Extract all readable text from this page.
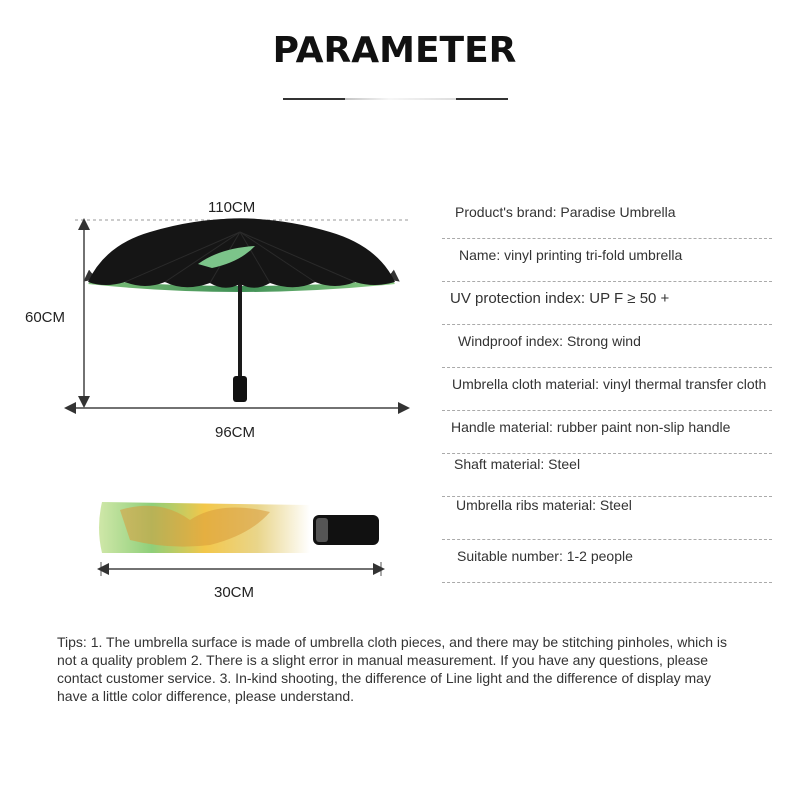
PARAMETER
110CM
60CM
96CM
30CM
Product's brand: Paradise Umbrella
Name: vinyl printing tri-fold umbrella
UV protection index: UP F ≥ 50 +
Windproof index: Strong wind
Umbrella cloth material: vinyl thermal transfer cloth
Handle material: rubber paint non-slip handle
Shaft material: Steel
Umbrella ribs material: Steel
Suitable number: 1-2 people
Tips: 1. The umbrella surface is made of umbrella cloth pieces, and there may be stitching pinholes, which is not a quality problem 2. There is a slight error in manual measurement. If you have any questions, please contact customer service. 3. In-kind shooting, the difference of Line light and the difference of display may have a little color difference, please understand.
